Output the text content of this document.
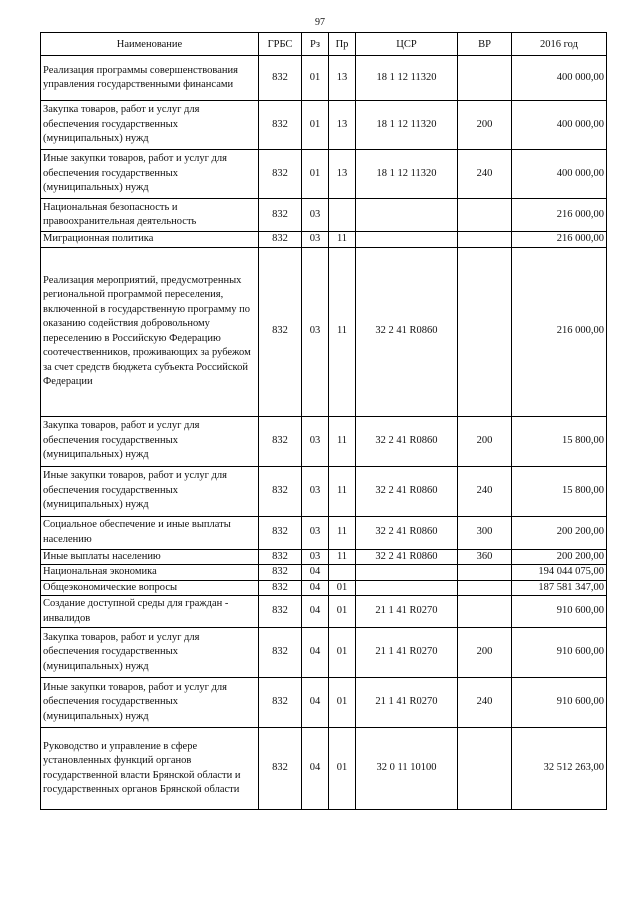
97
Наименование	ГРБС	Рз	Пр	ЦСР	ВР	2016 год
Реализация программы совершенствования управления государственными финансами	832	01	13	18 1 12 11320		400 000,00
Закупка товаров, работ и услуг для обеспечения государственных (муниципальных) нужд	832	01	13	18 1 12 11320	200	400 000,00
Иные закупки товаров, работ и услуг для обеспечения государственных (муниципальных) нужд	832	01	13	18 1 12 11320	240	400 000,00
Национальная безопасность и правоохранительная деятельность	832	03				216 000,00
Миграционная политика	832	03	11			216 000,00
Реализация мероприятий, предусмотренных региональной программой переселения, включенной в государственную программу по оказанию содействия добровольному переселению в Российскую Федерацию соотечественников, проживающих за рубежом за счет средств бюджета субъекта Российской Федерации	832	03	11	32 2 41 R0860		216 000,00
Закупка товаров, работ и услуг для обеспечения государственных (муниципальных) нужд	832	03	11	32 2 41 R0860	200	15 800,00
Иные закупки товаров, работ и услуг для обеспечения государственных (муниципальных) нужд	832	03	11	32 2 41 R0860	240	15 800,00
Социальное обеспечение и иные выплаты населению	832	03	11	32 2 41 R0860	300	200 200,00
Иные выплаты населению	832	03	11	32 2 41 R0860	360	200 200,00
Национальная экономика	832	04				194 044 075,00
Общеэкономические вопросы	832	04	01			187 581 347,00
Создание доступной среды для граждан - инвалидов	832	04	01	21 1 41 R0270		910 600,00
Закупка товаров, работ и услуг для обеспечения государственных (муниципальных) нужд	832	04	01	21 1 41 R0270	200	910 600,00
Иные закупки товаров, работ и услуг для обеспечения государственных (муниципальных) нужд	832	04	01	21 1 41 R0270	240	910 600,00
Руководство и управление в сфере установленных функций органов государственной власти Брянской области и государственных органов Брянской области	832	04	01	32 0 11 10100		32 512 263,00
